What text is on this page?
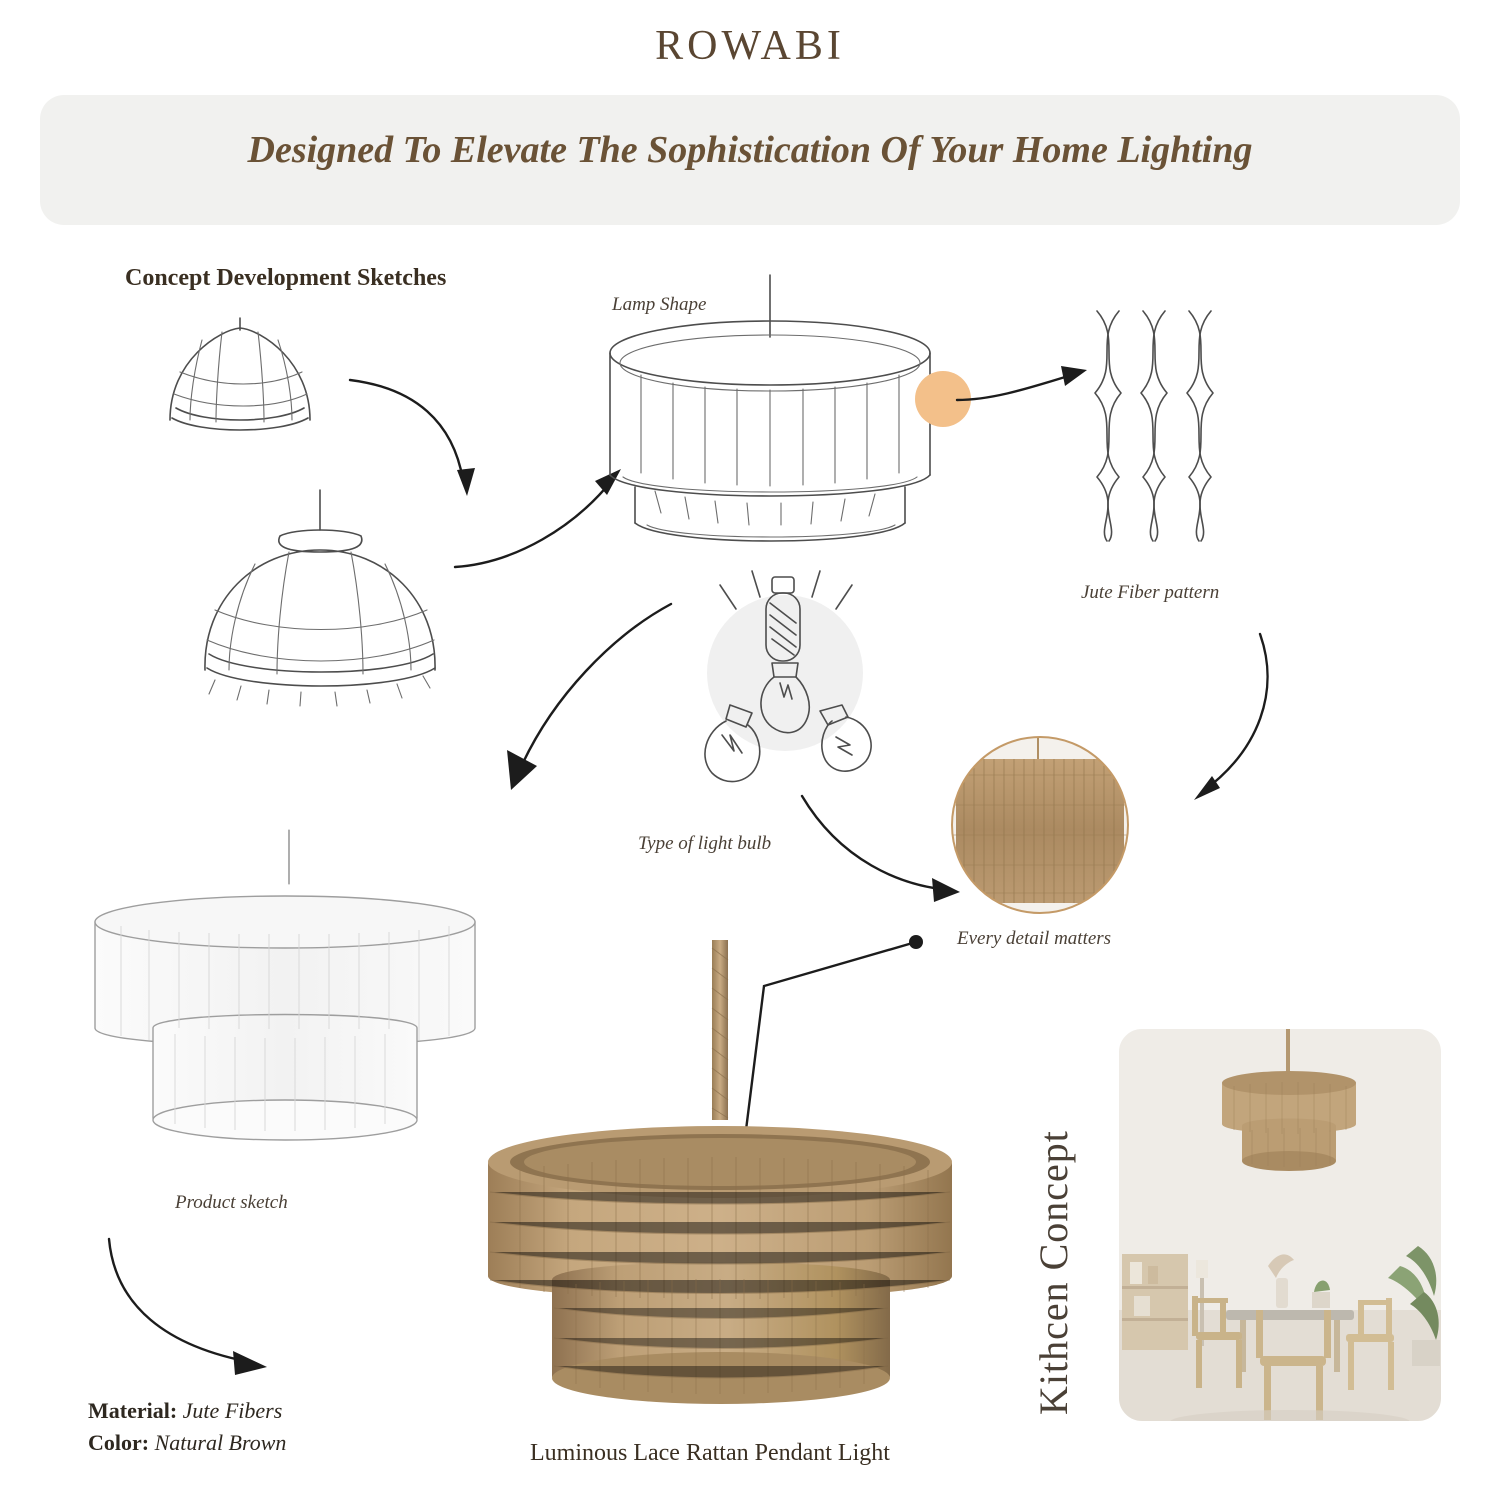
ROWABI
Designed To Elevate The Sophistication Of Your Home Lighting
Concept Development Sketches
Lamp Shape
Jute Fiber pattern
Type of light bulb
Every detail matters
Product sketch	Kithcen Concept
Material: Jute Fibers
Color: Natural Brown	Luminous Lace Rattan Pendant Light
